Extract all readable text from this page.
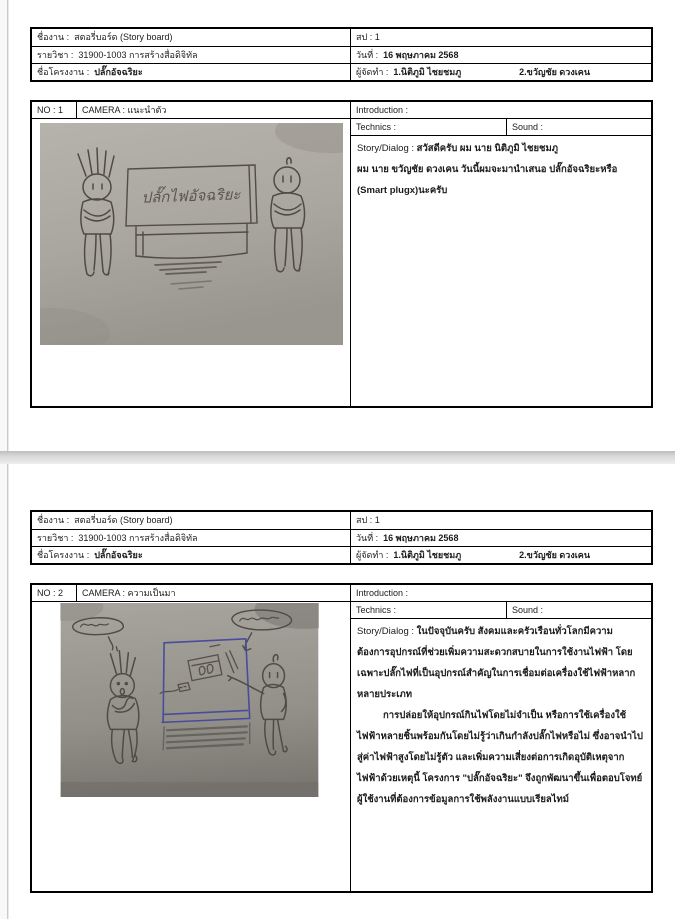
ชื่องาน : สตอรี่บอร์ด (Story board)	สป : 1
รายวิชา : 31900-1003 การสร้างสื่อดิจิทัล	วันที่ : 16 พฤษภาคม 2568
ชื่อโครงงาน : ปลั๊กอัจฉริยะ	ผู้จัดทำ : 1.นิติภูมิ ไชยชมภู	2.ขวัญชัย ดวงเคน
NO : 1	CAMERA : แนะนำตัว	Introduction :
ปลั๊กไฟอัจฉริยะ
Technics :	Sound :
Story/Dialog : สวัสดีครับ ผม นาย นิติภูมิ ไชยชมภู
ผม นาย ขวัญชัย ดวงเคน วันนี้ผมจะมานำเสนอ ปลั๊กอัจฉริยะหรือ
(Smart plugx)นะครับ
ชื่องาน : สตอรี่บอร์ด (Story board)	สป : 1
รายวิชา : 31900-1003 การสร้างสื่อดิจิทัล	วันที่ : 16 พฤษภาคม 2568
ชื่อโครงงาน : ปลั๊กอัจฉริยะ	ผู้จัดทำ : 1.นิติภูมิ ไชยชมภู	2.ขวัญชัย ดวงเคน
NO : 2	CAMERA : ความเป็นมา	Introduction :
Technics :	Sound :

Story/Dialog : ในปัจจุบันครับ สังคมและครัวเรือนทั่วโลกมีความต้องการอุปกรณ์ที่ช่วยเพิ่มความสะดวกสบายในการใช้งานไฟฟ้า โดยเฉพาะปลั๊กไฟที่เป็นอุปกรณ์สำคัญในการเชื่อมต่อเครื่องใช้ไฟฟ้าหลากหลายประเภท

การปล่อยให้อุปกรณ์กินไฟโดยไม่จำเป็น หรือการใช้เครื่องใช้ไฟฟ้าหลายชิ้นพร้อมกันโดยไม่รู้ว่าเกินกำลังปลั๊กไฟหรือไม่ ซึ่งอาจนำไปสู่ค่าไฟฟ้าสูงโดยไม่รู้ตัว และเพิ่มความเสี่ยงต่อการเกิดอุบัติเหตุจากไฟฟ้าด้วยเหตุนี้ โครงการ "ปลั๊กอัจฉริยะ" จึงถูกพัฒนาขึ้นเพื่อตอบโจทย์ผู้ใช้งานที่ต้องการข้อมูลการใช้พลังงานแบบเรียลไทม์
